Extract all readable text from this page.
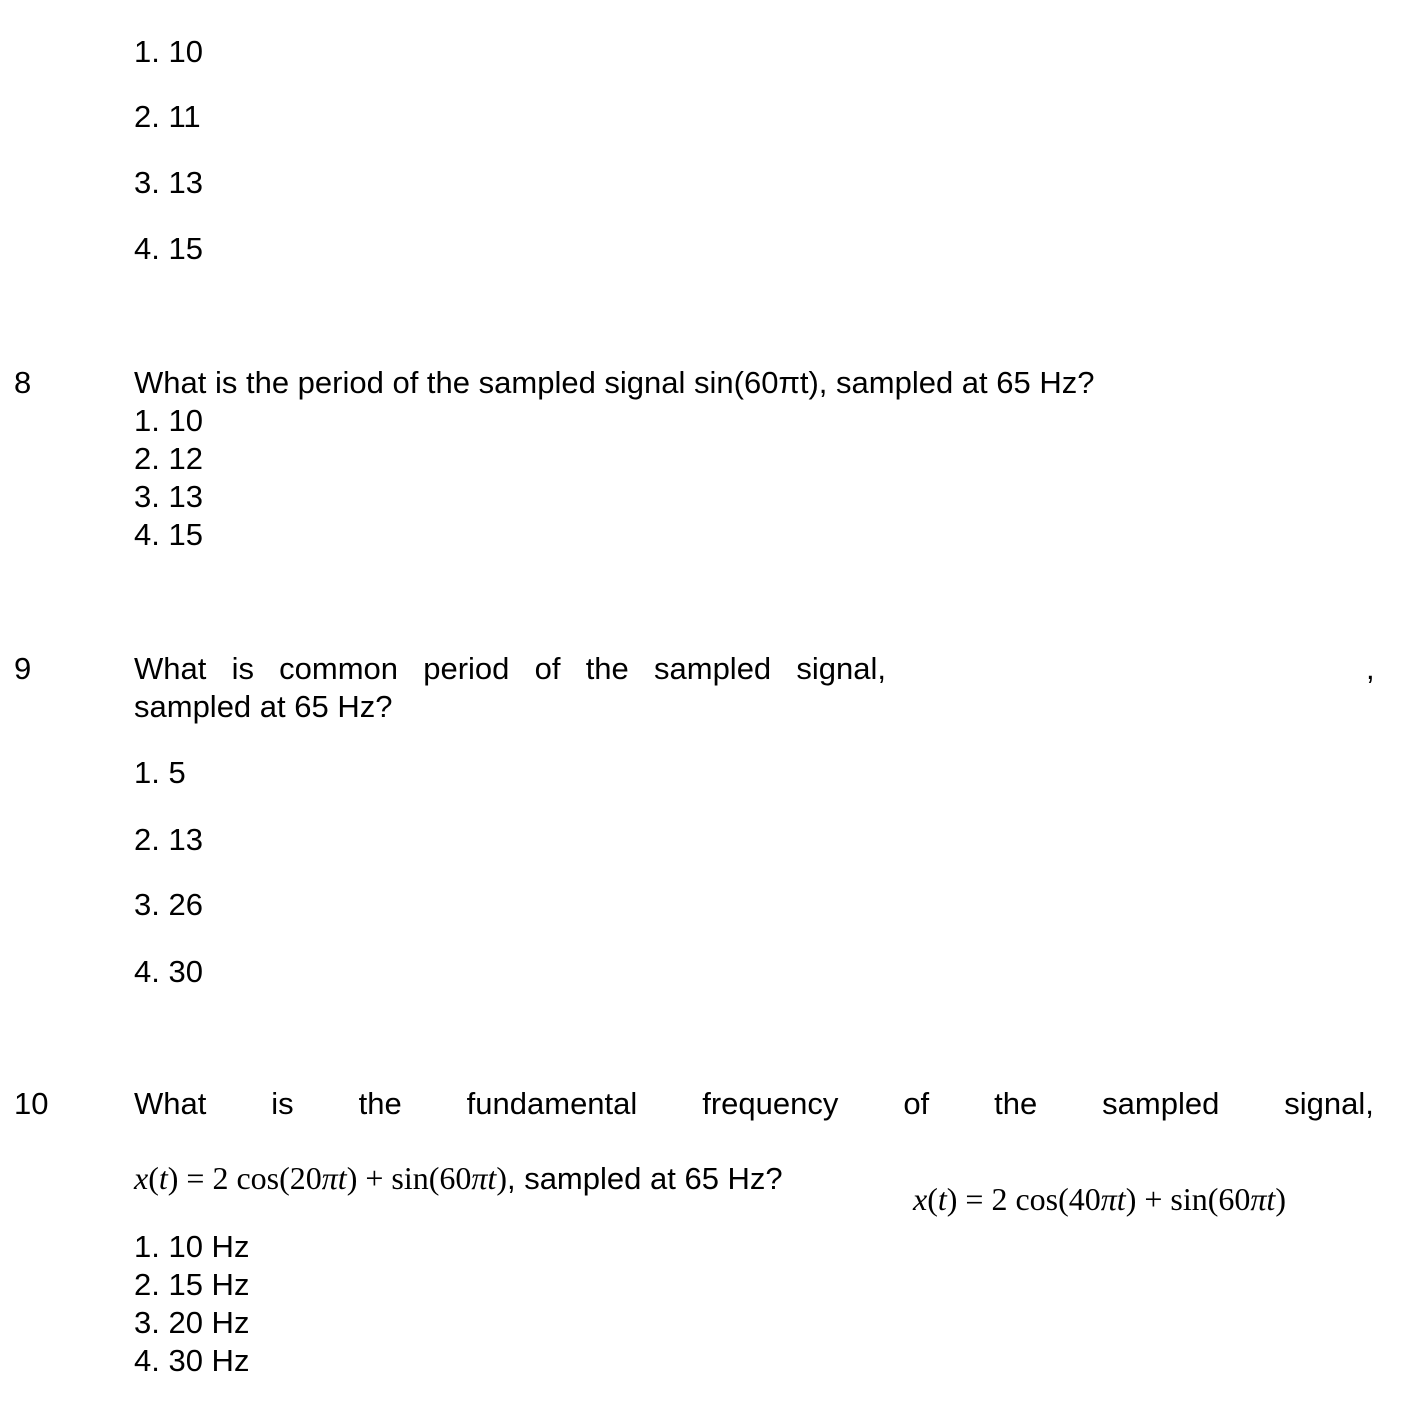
1. 10
2. 11
3. 13
4. 15
8	What is the period of the sampled signal sin(60πt), sampled at 65 Hz?
1. 10
2. 12
3. 13
4. 15
9	What is common period of the sampled signal,	,
sampled at 65 Hz?
1. 5
2. 13
3. 26
4. 30
10	What is the fundamental frequency of the sampled signal,
x(t) = 2 cos(20πt) + sin(60πt), sampled at 65 Hz?
x(t) = 2 cos(40πt) + sin(60πt)
1. 10 Hz
2. 15 Hz
3. 20 Hz
4. 30 Hz
